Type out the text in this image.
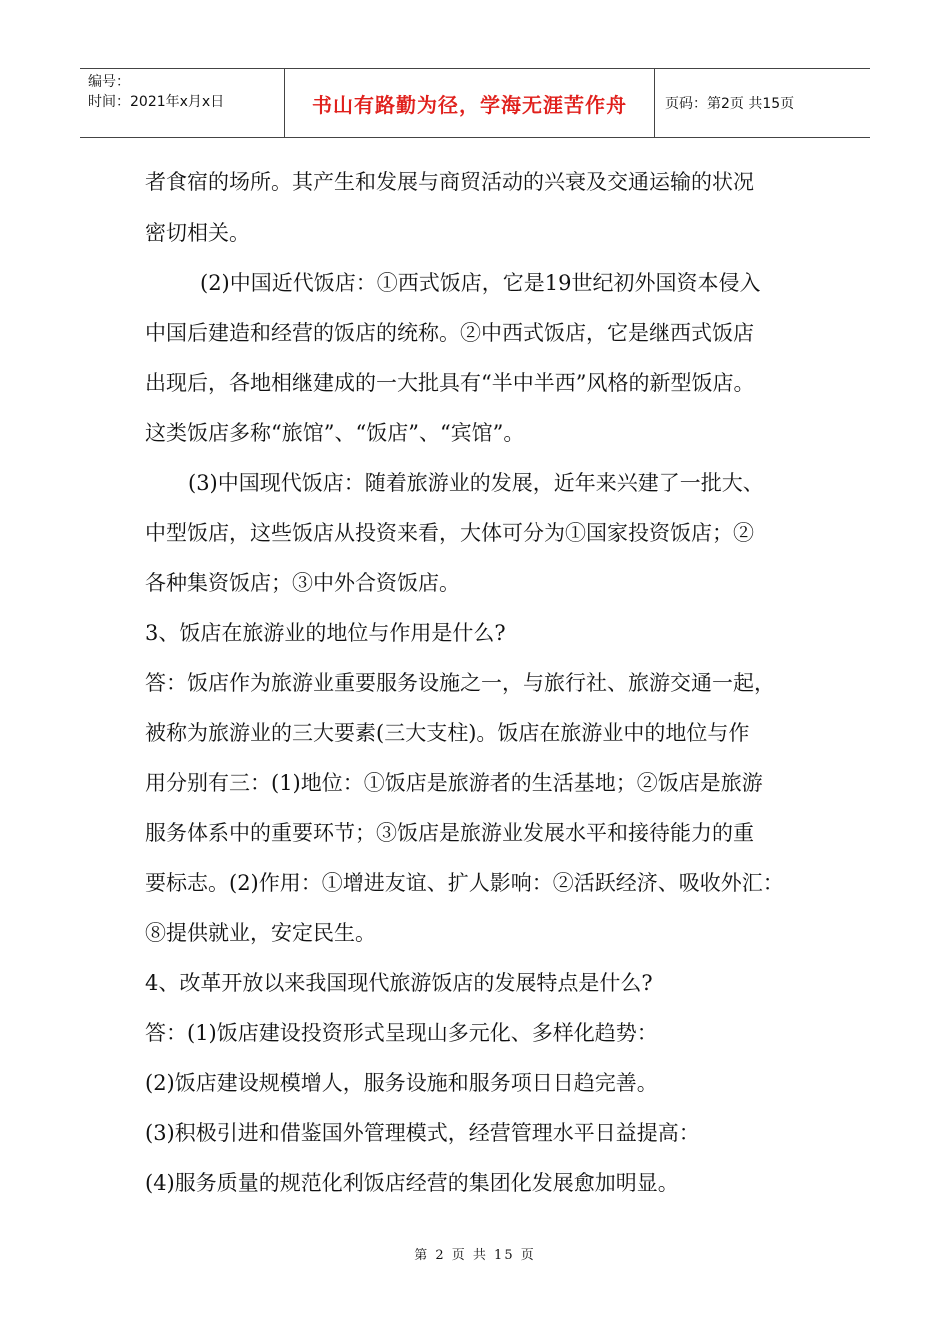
编号：
时间：2021年x月x日	书山有路勤为径，学海无涯苦作舟	页码：第2页 共15页
者食宿的场所。其产生和发展与商贸活动的兴衰及交通运输的状况
密切相关。
(2)中国近代饭店：①西式饭店，它是19世纪初外国资本侵入
中国后建造和经营的饭店的统称。②中西式饭店，它是继西式饭店
出现后，各地相继建成的一大批具有“半中半西”风格的新型饭店。
这类饭店多称“旅馆”、“饭店”、“宾馆”。
(3)中国现代饭店：随着旅游业的发展，近年来兴建了一批大、
中型饭店，这些饭店从投资来看，大体可分为①国家投资饭店；②
各种集资饭店；③中外合资饭店。
3、饭店在旅游业的地位与作用是什么?
答：饭店作为旅游业重要服务设施之一，与旅行社、旅游交通一起，
被称为旅游业的三大要素(三大支柱)。饭店在旅游业中的地位与作
用分别有三：(1)地位：①饭店是旅游者的生活基地；②饭店是旅游
服务体系中的重要环节；③饭店是旅游业发展水平和接待能力的重
要标志。(2)作用：①增进友谊、扩人影响：②活跃经济、吸收外汇：
⑧提供就业，安定民生。
4、改革开放以来我国现代旅游饭店的发展特点是什么?
答：(1)饭店建设投资形式呈现山多元化、多样化趋势：
(2)饭店建设规模增人，服务设施和服务项日日趋完善。
(3)积极引进和借鉴国外管理模式，经营管理水平日益提高：
(4)服务质量的规范化利饭店经营的集团化发展愈加明显。
第 2 页 共 15 页
